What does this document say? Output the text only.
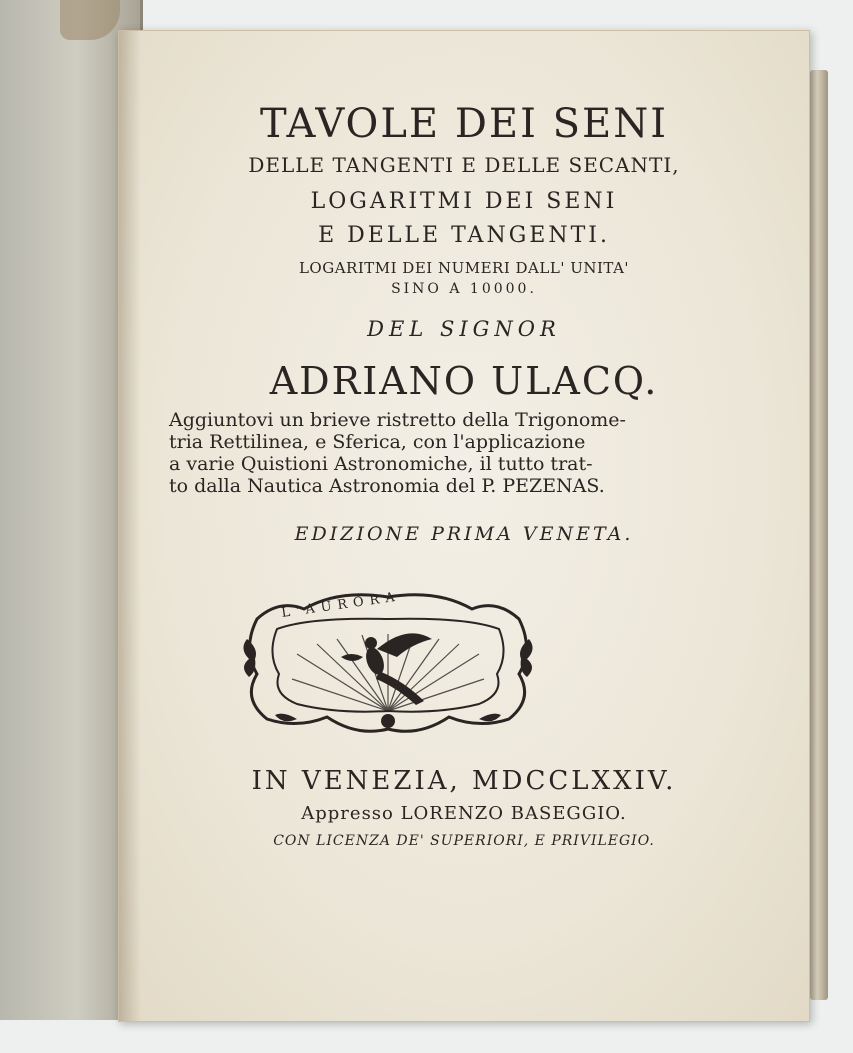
TAVOLE DEI SENI

DELLE TANGENTI E DELLE SECANTI,

LOGARITMI DEI SENI

E DELLE TANGENTI.

LOGARITMI DEI NUMERI DALL' UNITA'

SINO A 10000.

DEL SIGNOR

ADRIANO ULACQ.

Aggiuntovi un brieve ristretto della Trigonome-
tria Rettilinea, e Sferica, con l'applicazione
a varie Quistioni Astronomiche, il tutto trat-
to dalla Nautica Astronomia del P. PEZENAS.

EDIZIONE PRIMA VENETA.

L'AURORA

IN VENEZIA, MDCCLXXIV.

Appresso LORENZO BASEGGIO.

CON LICENZA DE' SUPERIORI, E PRIVILEGIO.
